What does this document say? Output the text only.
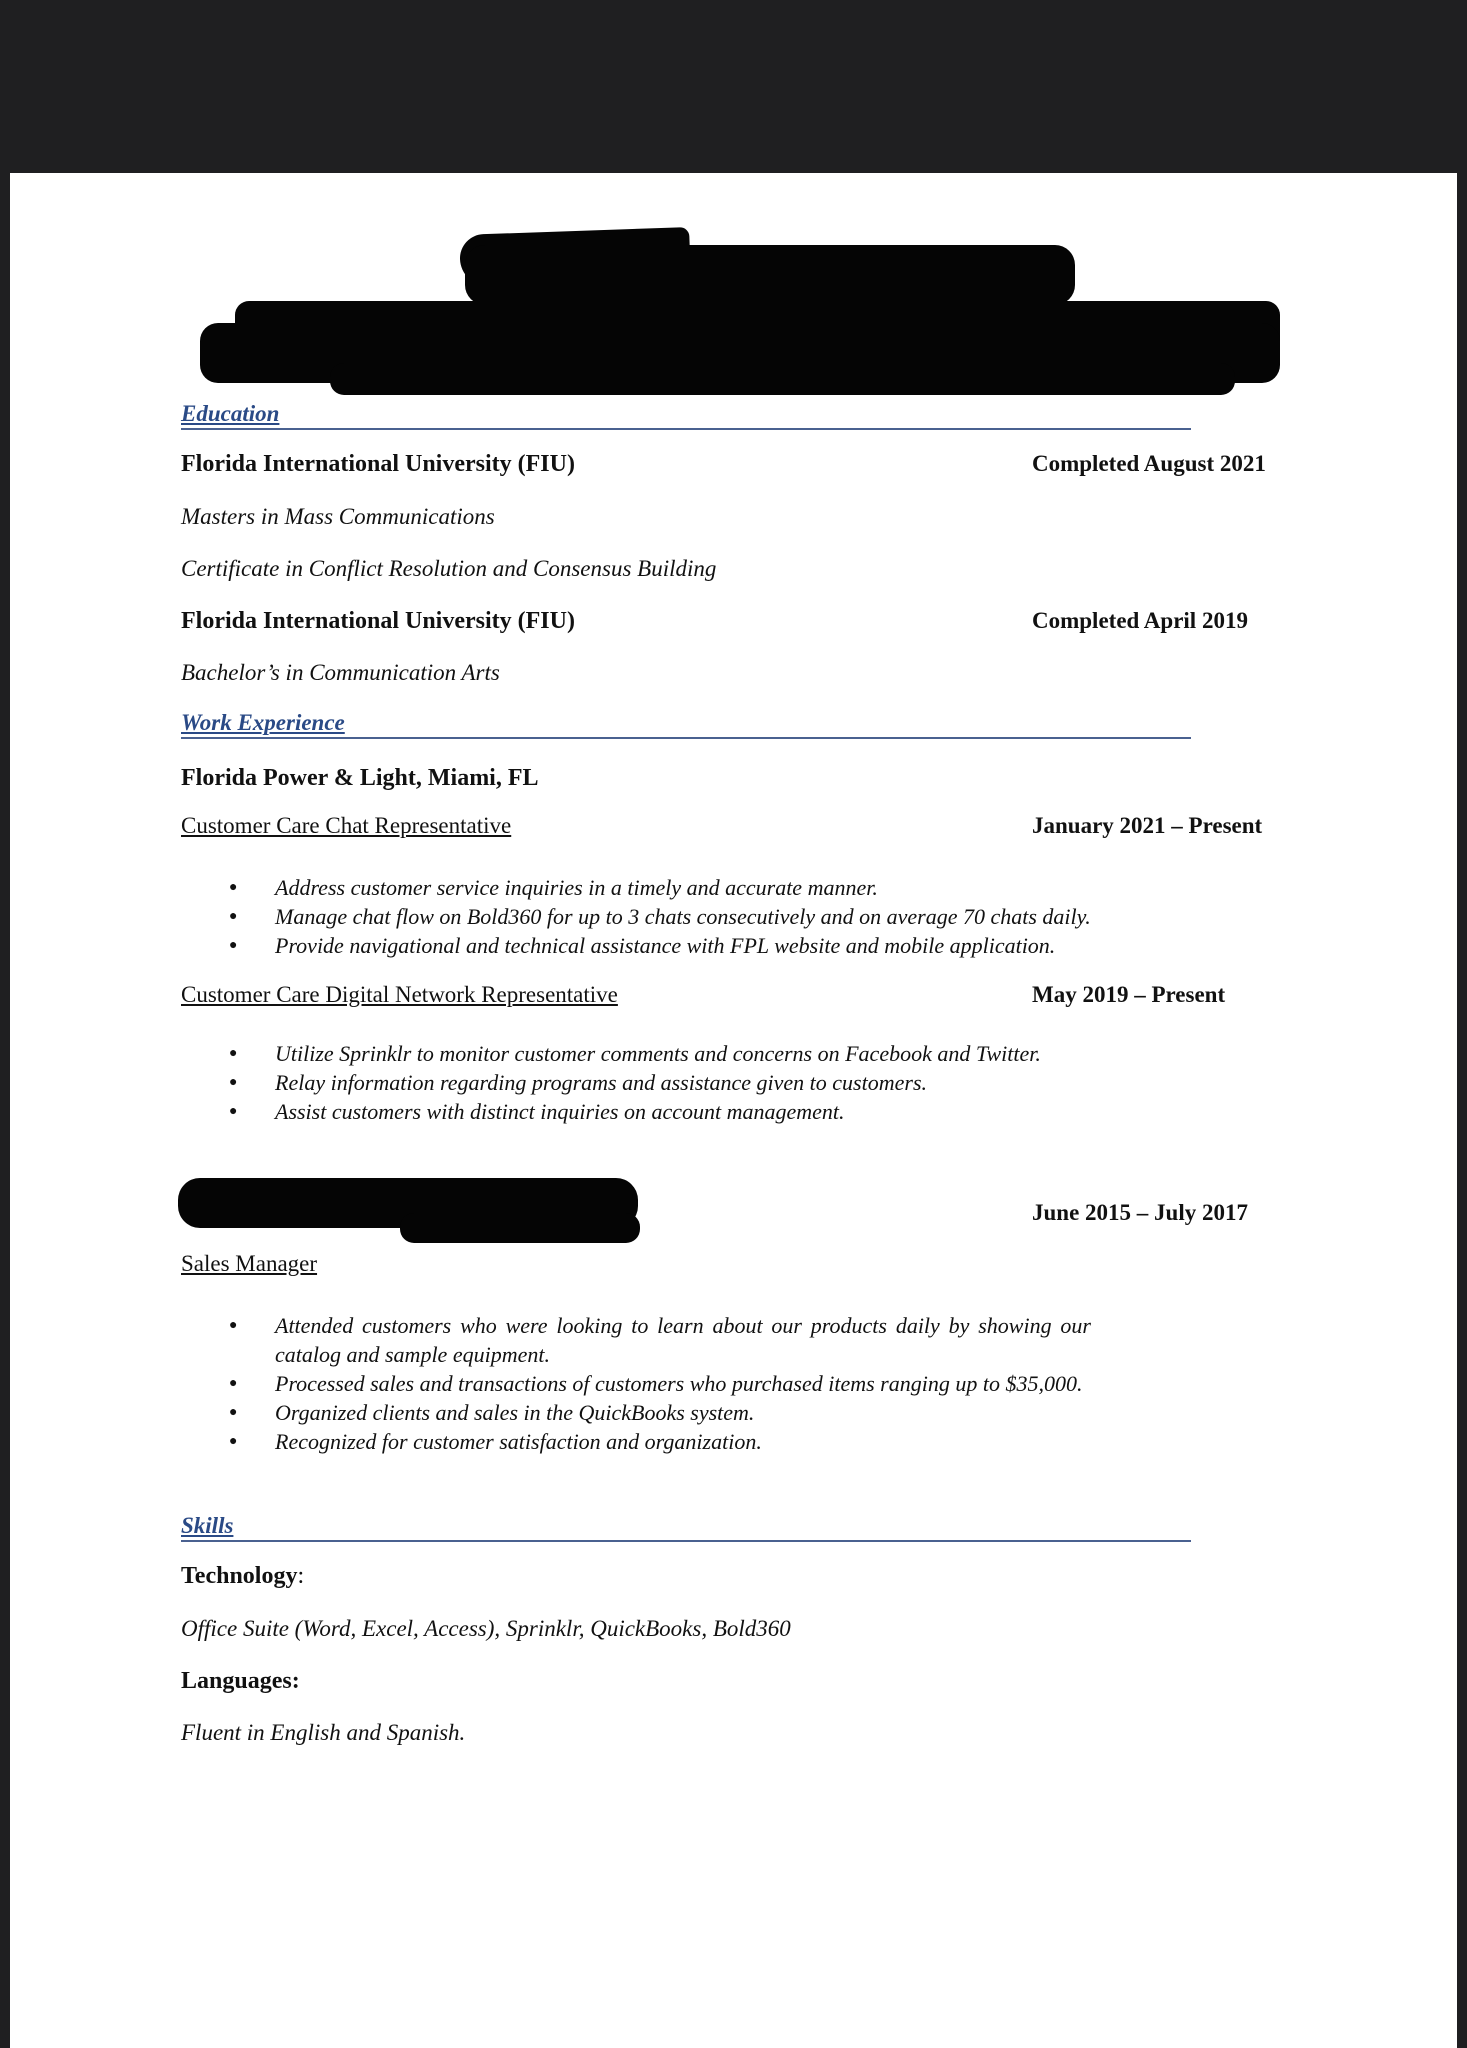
Education
Florida International University (FIU)	Completed August 2021
Masters in Mass Communications
Certificate in Conflict Resolution and Consensus Building
Florida International University (FIU)	Completed April 2019
Bachelor’s in Communication Arts
Work Experience
Florida Power & Light, Miami, FL
Customer Care Chat Representative	January 2021 – Present
● Address customer service inquiries in a timely and accurate manner.
● Manage chat flow on Bold360 for up to 3 chats consecutively and on average 70 chats daily.
● Provide navigational and technical assistance with FPL website and mobile application.
Customer Care Digital Network Representative	May 2019 – Present
● Utilize Sprinklr to monitor customer comments and concerns on Facebook and Twitter.
● Relay information regarding programs and assistance given to customers.
● Assist customers with distinct inquiries on account management.
June 2015 – July 2017
Sales Manager
● Attended customers who were looking to learn about our products daily by showing our catalog and sample equipment.
● Processed sales and transactions of customers who purchased items ranging up to $35,000.
● Organized clients and sales in the QuickBooks system.
● Recognized for customer satisfaction and organization.
Skills
Technology:
Office Suite (Word, Excel, Access), Sprinklr, QuickBooks, Bold360
Languages:
Fluent in English and Spanish.
